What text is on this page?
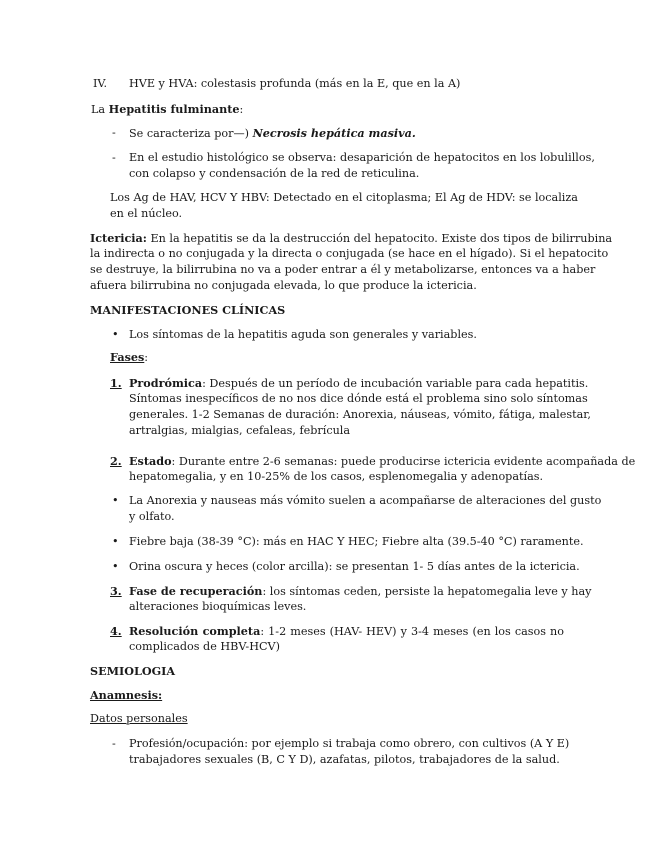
IV. HVE y HVA: colestasis profunda (más en la E, que en la A)
La Hepatitis fulminante:
- Se caracteriza por—) Necrosis hepática masiva.
- En el estudio histológico se observa: desaparición de hepatocitos en los lobulillos,
con colapso y condensación de la red de reticulina.
Los Ag de HAV, HCV Y HBV: Detectado en el citoplasma; El Ag de HDV: se localiza
en el núcleo.
Ictericia: En la hepatitis se da la destrucción del hepatocito. Existe dos tipos de bilirrubina
la indirecta o no conjugada y la directa o conjugada (se hace en el hígado). Si el hepatocito
se destruye, la bilirrubina no va a poder entrar a él y metabolizarse, entonces va a haber
afuera bilirrubina no conjugada elevada, lo que produce la ictericia.
MANIFESTACIONES CLÍNICAS
• Los síntomas de la hepatitis aguda son generales y variables.
Fases:
1. Prodrómica: Después de un período de incubación variable para cada hepatitis.
Síntomas inespecíficos de no nos dice dónde está el problema sino solo síntomas
generales. 1-2 Semanas de duración: Anorexia, náuseas, vómito, fátiga, malestar,
artralgias, mialgias, cefaleas, febrícula
2. Estado: Durante entre 2-6 semanas: puede producirse ictericia evidente acompañada de
hepatomegalia, y en 10-25% de los casos, esplenomegalia y adenopatías.
• La Anorexia y nauseas más vómito suelen a acompañarse de alteraciones del gusto
y olfato.
• Fiebre baja (38-39 °C): más en HAC Y HEC; Fiebre alta (39.5-40 °C) raramente.
• Orina oscura y heces (color arcilla): se presentan 1- 5 días antes de la ictericia.
3. Fase de recuperación: los síntomas ceden, persiste la hepatomegalia leve y hay
alteraciones bioquímicas leves.
4. Resolución completa: 1-2 meses (HAV- HEV) y 3-4 meses (en los casos no
complicados de HBV-HCV)
SEMIOLOGIA
Anamnesis:
Datos personales
- Profesión/ocupación: por ejemplo si trabaja como obrero, con cultivos (A Y E)
trabajadores sexuales (B, C Y D), azafatas, pilotos, trabajadores de la salud.
